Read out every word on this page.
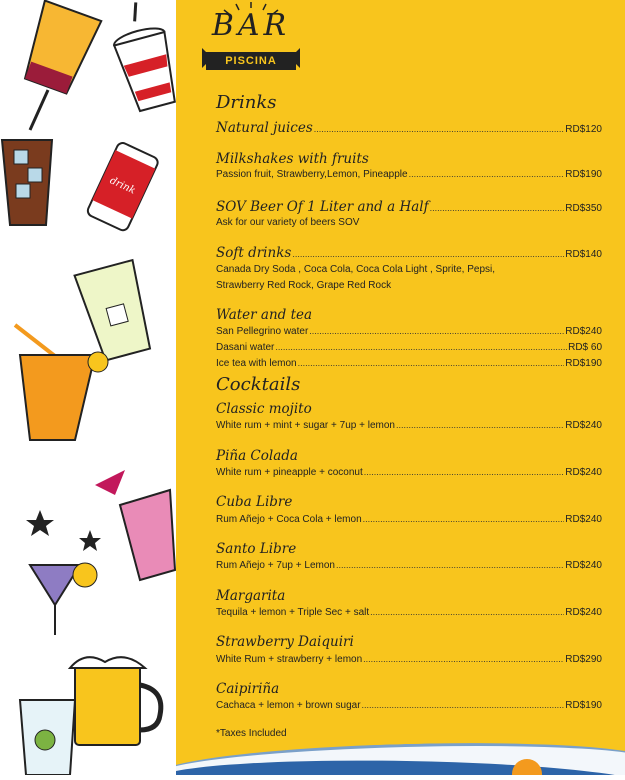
drink
BAR
PISCINA
Drinks
Natural juices .....	RD$120
Milkshakes with fruits
Passion fruit, Strawberry,Lemon, Pineapple .....	RD$190
SOV Beer Of 1 Liter and a Half .....	RD$350
Ask for our variety of beers SOV
Soft drinks .....	RD$140
Canada Dry Soda , Coca Cola, Coca Cola Light , Sprite, Pepsi,
Strawberry Red Rock, Grape Red Rock
Water and tea
San Pellegrino water .....	RD$240
Dasani water .....	RD$ 60
Ice tea with lemon .....	RD$190
Cocktails
Classic mojito
White rum + mint + sugar + 7up + lemon .....	RD$240
Piña Colada
White rum + pineapple + coconut .....	RD$240
Cuba Libre
Rum Añejo + Coca Cola + lemon .....	RD$240
Santo Libre
Rum Añejo + 7up + Lemon .....	RD$240
Margarita
Tequila + lemon + Triple Sec + salt .....	RD$240
Strawberry Daiquiri
White Rum + strawberry + lemon .....	RD$290
Caipiriña
Cachaca + lemon + brown sugar .....	RD$190
*Taxes Included
